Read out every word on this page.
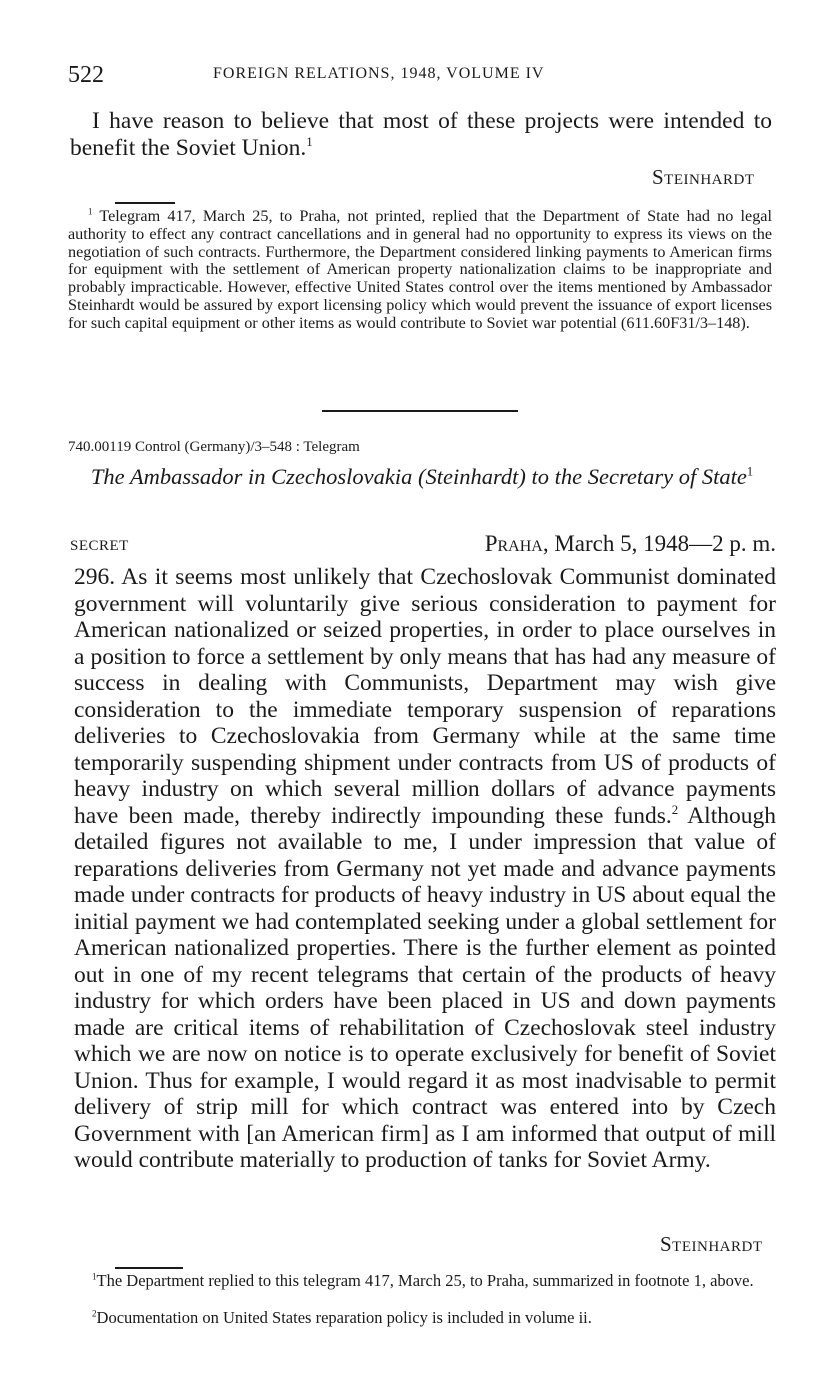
522	FOREIGN RELATIONS, 1948, VOLUME IV
I have reason to believe that most of these projects were intended to benefit the Soviet Union.$^1$
Steinhardt
$^1$ Telegram 417, March 25, to Praha, not printed, replied that the Department of State had no legal authority to effect any contract cancellations and in general had no opportunity to express its views on the negotiation of such contracts. Furthermore, the Department considered linking payments to American firms for equipment with the settlement of American property nationalization claims to be inappropriate and probably impracticable. However, effective United States control over the items mentioned by Ambassador Steinhardt would be assured by export licensing policy which would prevent the issuance of export licenses for such capital equipment or other items as would contribute to Soviet war potential (611.60F31/3–148).
740.00119 Control (Germany)/3–548 : Telegram
The Ambassador in Czechoslovakia (Steinhardt) to the Secretary of State$^1$
SECRET	Praha, March 5, 1948—2 p. m.
296. As it seems most unlikely that Czechoslovak Communist dominated government will voluntarily give serious consideration to payment for American nationalized or seized properties, in order to place ourselves in a position to force a settlement by only means that has had any measure of success in dealing with Communists, Department may wish give consideration to the immediate temporary suspension of reparations deliveries to Czechoslovakia from Germany while at the same time temporarily suspending shipment under contracts from US of products of heavy industry on which several million dollars of advance payments have been made, thereby indirectly impounding these funds.$^2$ Although detailed figures not available to me, I under impression that value of reparations deliveries from Germany not yet made and advance payments made under contracts for products of heavy industry in US about equal the initial payment we had contemplated seeking under a global settlement for American nationalized properties. There is the further element as pointed out in one of my recent telegrams that certain of the products of heavy industry for which orders have been placed in US and down payments made are critical items of rehabilitation of Czechoslovak steel industry which we are now on notice is to operate exclusively for benefit of Soviet Union. Thus for example, I would regard it as most inadvisable to permit delivery of strip mill for which contract was entered into by Czech Government with [an American firm] as I am informed that output of mill would contribute materially to production of tanks for Soviet Army.
Steinhardt
$^1$The Department replied to this telegram 417, March 25, to Praha, summarized in footnote 1, above.
$^2$Documentation on United States reparation policy is included in volume ii.
